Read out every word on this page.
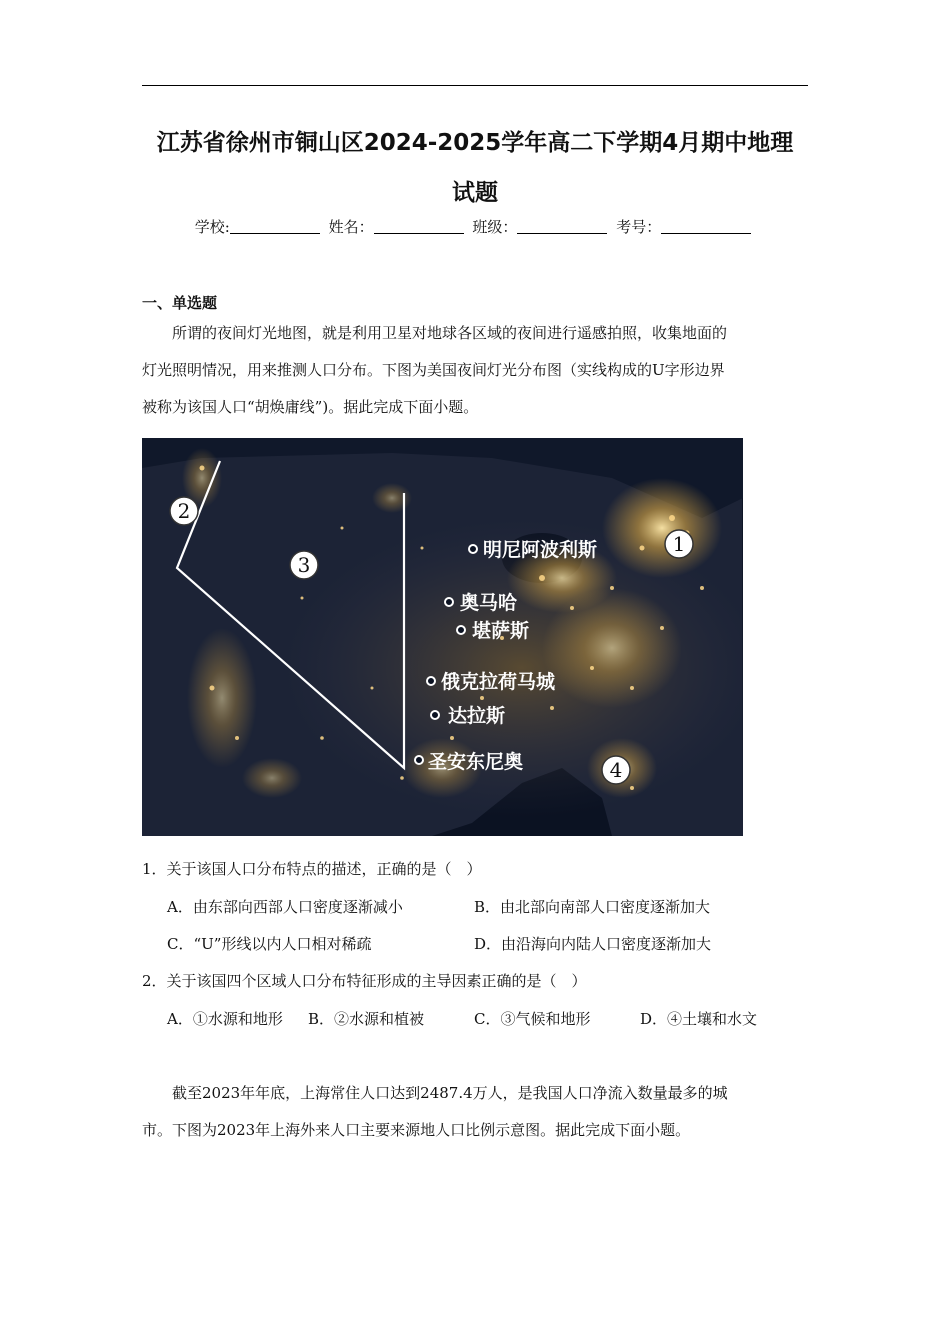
江苏省徐州市铜山区2024-2025学年高二下学期4月期中地理
试题
学校:	姓名：	班级：	考号：
一、单选题
所谓的夜间灯光地图，就是利用卫星对地球各区域的夜间进行遥感拍照，收集地面的
灯光照明情况，用来推测人口分布。下图为美国夜间灯光分布图（实线构成的U字形边界
被称为该国人口“胡焕庸线”)。据此完成下面小题。
明尼阿波利斯
奥马哈
堪萨斯
俄克拉荷马城
达拉斯
圣安东尼奥
1
2
3
4
1．关于该国人口分布特点的描述，正确的是（　）
A．由东部向西部人口密度逐渐减小	B．由北部向南部人口密度逐渐加大
C．“U”形线以内人口相对稀疏	D．由沿海向内陆人口密度逐渐加大
2．关于该国四个区域人口分布特征形成的主导因素正确的是（　）
A．①水源和地形 B．②水源和植被	C．③气候和地形	D．④土壤和水文
截至2023年年底，上海常住人口达到2487.4万人，是我国人口净流入数量最多的城
市。下图为2023年上海外来人口主要来源地人口比例示意图。据此完成下面小题。
